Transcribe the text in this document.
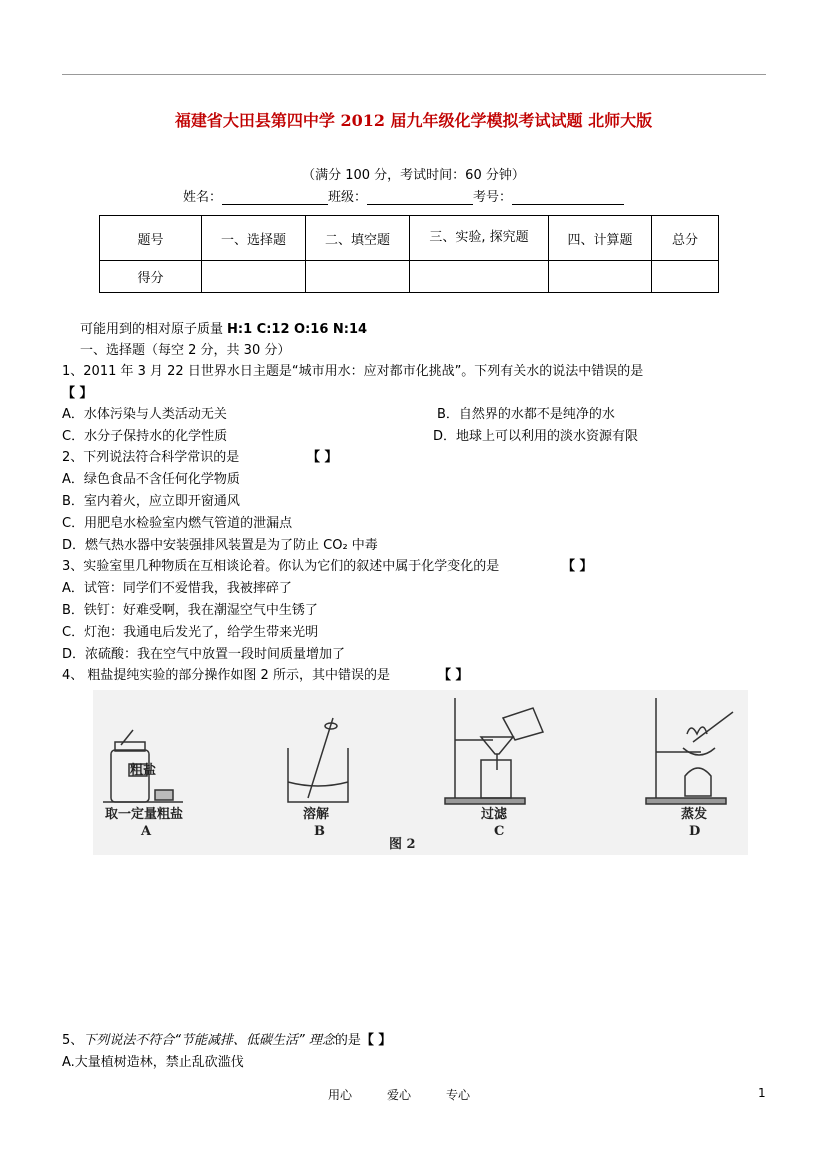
福建省大田县第四中学 2012 届九年级化学模拟考试试题 北师大版
（满分 100 分，考试时间：60 分钟）
姓名：	班级：	考号：
题号	一、选择题	二、填空题	三、实验, 探究题	四、计算题	总分
得分					
可能用到的相对原子质量 H:1 C:12 O:16 N:14
一、选择题（每空 2 分，共 30 分）
1、2011 年 3 月 22 日世界水日主题是“城市用水：应对都市化挑战”。下列有关水的说法中错误的是
【 】
A．水体污染与人类活动无关	B．自然界的水都不是纯净的水
C．水分子保持水的化学性质	D．地球上可以利用的淡水资源有限
2、下列说法符合科学常识的是	【 】
A．绿色食品不含任何化学物质
B．室内着火，应立即开窗通风
C．用肥皂水检验室内燃气管道的泄漏点
D．燃气热水器中安装强排风装置是为了防止 CO₂ 中毒
3、实验室里几种物质在互相谈论着。你认为它们的叙述中属于化学变化的是	【 】
A．试管：同学们不爱惜我，我被摔碎了
B．铁钉：好难受啊，我在潮湿空气中生锈了
C．灯泡：我通电后发光了，给学生带来光明
D．浓硫酸：我在空气中放置一段时间质量增加了
4、 粗盐提纯实验的部分操作如图 2 所示，其中错误的是	【 】
粗盐
取一定量粗盐
A
溶解
B
过滤
C
蒸发
D
图 2
5、下列说法不符合“节能减排、低碳生活” 理念的是【 】
A.大量植树造林，禁止乱砍滥伐
用心	爱心	专心	1
